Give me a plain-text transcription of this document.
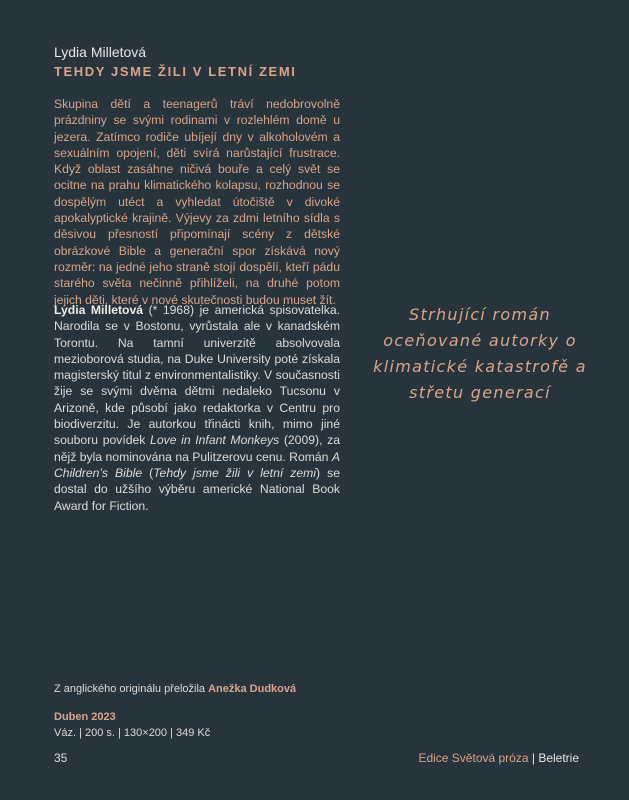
Lydia Milletová
TEHDY JSME ŽILI V LETNÍ ZEMI
Skupina dětí a teenagerů tráví nedobrovolně prázdniny se svými rodinami v rozlehlém domě u jezera. Zatímco rodiče ubíjejí dny v alkoholovém a sexuálním opojení, děti svírá narůstající frustrace. Když oblast zasáhne ničivá bouře a celý svět se ocitne na prahu klimatického kolapsu, rozhodnou se dospělým utéct a vyhledat útočiště v divoké apokalyptické krajině. Výjevy za zdmi letního sídla s děsivou přesností připomínají scény z dětské obrázkové Bible a generační spor získává nový rozměr: na jedné jeho straně stojí dospělí, kteří pádu starého světa nečinně přihlíželi, na druhé potom jejich děti, které v nové skutečnosti budou muset žít.
Lydia Milletová (* 1968) je americká spisovatelka. Narodila se v Bostonu, vyrůstala ale v kanadském Torontu. Na tamní univerzitě absolvovala mezioborová studia, na Duke University poté získala magisterský titul z environmentalistiky. V současnosti žije se svými dvěma dětmi nedaleko Tucsonu v Arizoně, kde působí jako redaktorka v Centru pro biodiverzitu. Je autorkou třinácti knih, mimo jiné souboru povídek Love in Infant Monkeys (2009), za nějž byla nominována na Pulitzerovu cenu. Román A Children’s Bible (Tehdy jsme žili v letní zemi) se dostal do užšího výběru americké National Book Award for Fiction.
Strhující román oceňované autorky o klimatické katastrofě a střetu generací
Z anglického originálu přeložila Anežka Dudková
Duben 2023
Váz. | 200 s. | 130×200 | 349 Kč
35	Edice Světová próza | Beletrie
